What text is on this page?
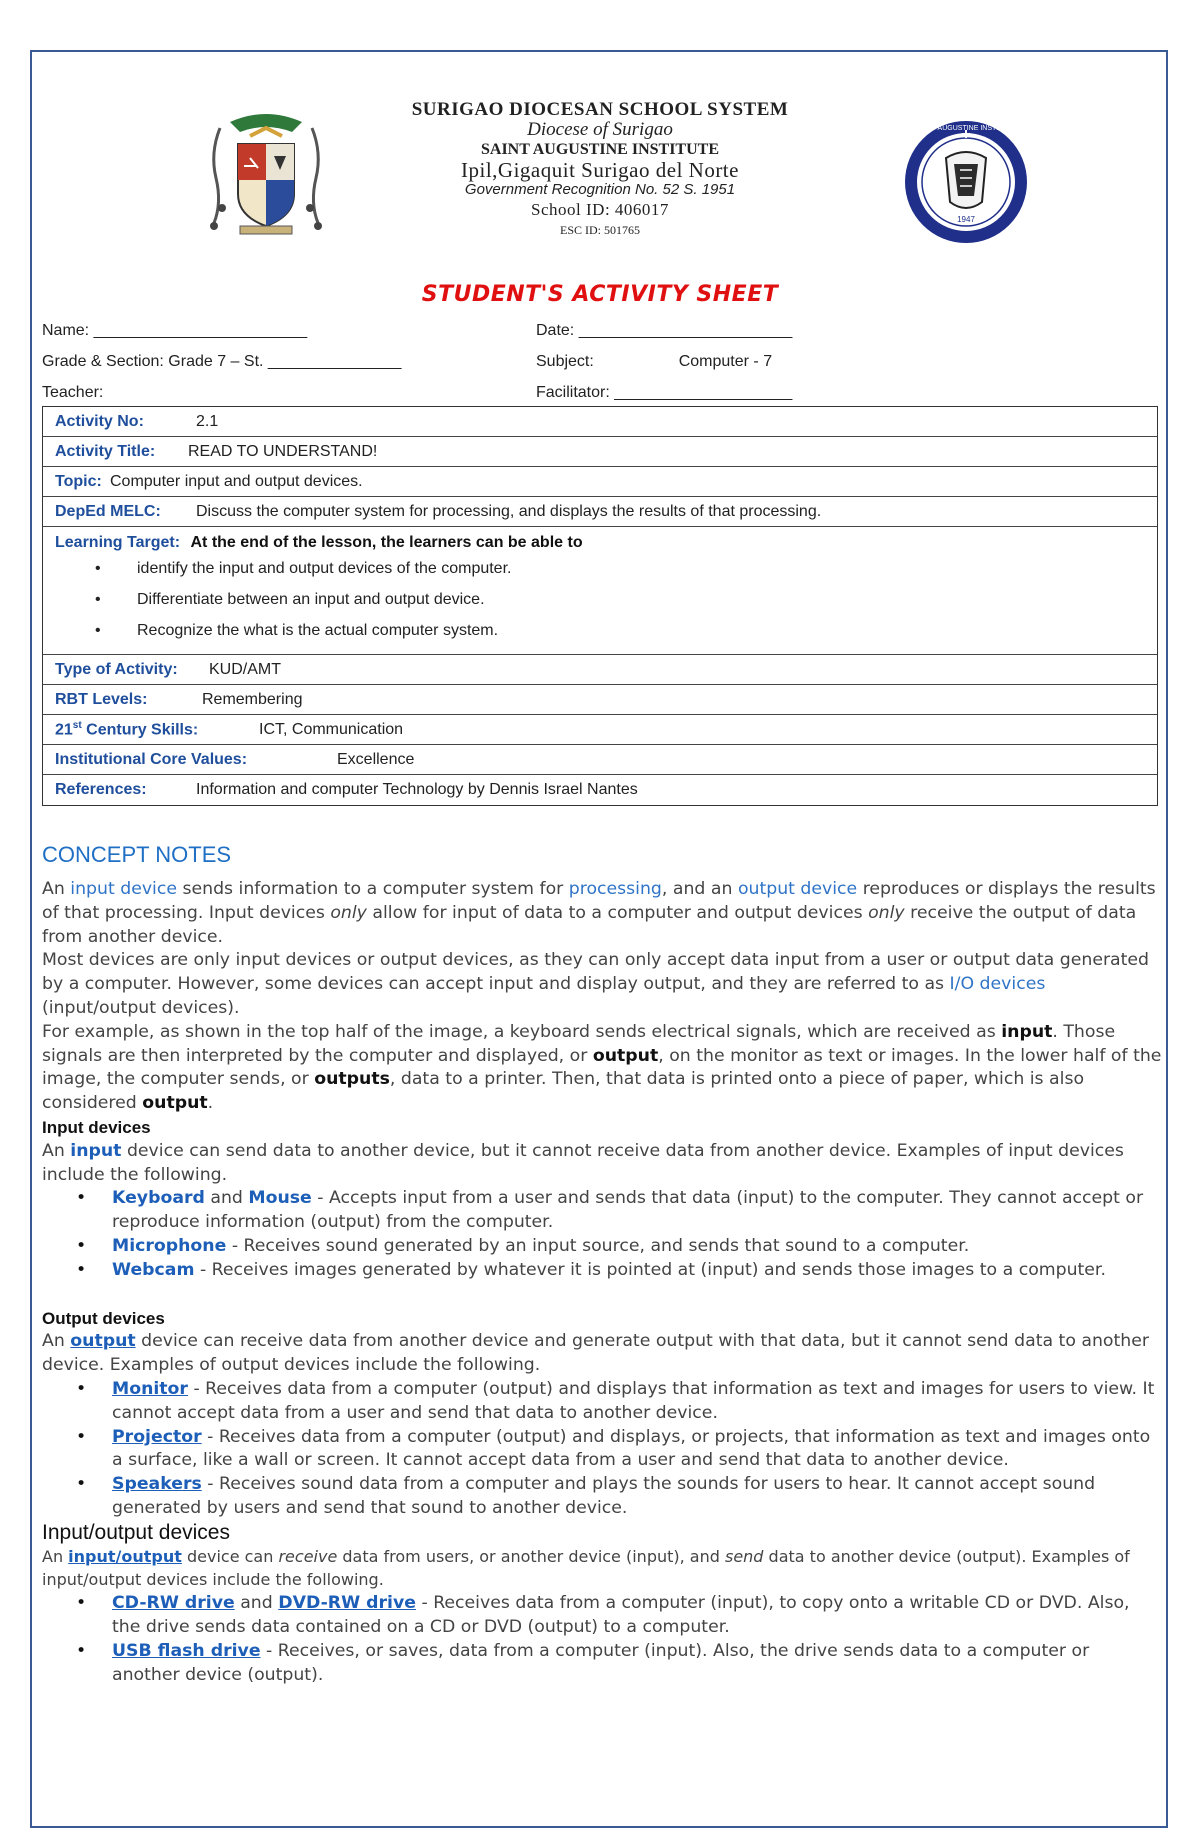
SURIGAO DIOCESAN SCHOOL SYSTEM
Diocese of Surigao
SAINT AUGUSTINE INSTITUTE
Ipil,Gigaquit Surigao del Norte
Government Recognition No. 52 S. 1951
School ID: 406017
ESC ID: 501765
1947
SAINT AUGUSTINE INSTITUTE
STUDENT'S ACTIVITY SHEET
Name: ________________________	Date: ________________________
Grade & Section: Grade 7 – St. _______________	Subject:	Computer - 7
Teacher:	Facilitator: ____________________
Activity No:	2.1
Activity Title: READ TO UNDERSTAND!
Topic: Computer input and output devices.
DepEd MELC: Discuss the computer system for processing, and displays the results of that processing.
Learning Target: At the end of the lesson, the learners can be able to
• identify the input and output devices of the computer.
• Differentiate between an input and output device.
• Recognize the what is the actual computer system.
Type of Activity: KUD/AMT
RBT Levels:	Remembering
21st Century Skills:	ICT, Communication
Institutional Core Values:	Excellence
References:	Information and computer Technology by Dennis Israel Nantes
CONCEPT NOTES

An input device sends information to a computer system for processing, and an output device reproduces or displays the results of that processing. Input devices only allow for input of data to a computer and output devices only receive the output of data from another device.

Most devices are only input devices or output devices, as they can only accept data input from a user or output data generated by a computer. However, some devices can accept input and display output, and they are referred to as I/O devices (input/output devices).

For example, as shown in the top half of the image, a keyboard sends electrical signals, which are received as input. Those signals are then interpreted by the computer and displayed, or output, on the monitor as text or images. In the lower half of the image, the computer sends, or outputs, data to a printer. Then, that data is printed onto a piece of paper, which is also considered output.

Input devices

An input device can send data to another device, but it cannot receive data from another device. Examples of input devices include the following.

• Keyboard and Mouse - Accepts input from a user and sends that data (input) to the computer. They cannot accept or reproduce information (output) from the computer.
• Microphone - Receives sound generated by an input source, and sends that sound to a computer.
• Webcam - Receives images generated by whatever it is pointed at (input) and sends those images to a computer.

Output devices

An output device can receive data from another device and generate output with that data, but it cannot send data to another device. Examples of output devices include the following.

• Monitor - Receives data from a computer (output) and displays that information as text and images for users to view. It cannot accept data from a user and send that data to another device.
• Projector - Receives data from a computer (output) and displays, or projects, that information as text and images onto a surface, like a wall or screen. It cannot accept data from a user and send that data to another device.
• Speakers - Receives sound data from a computer and plays the sounds for users to hear. It cannot accept sound generated by users and send that sound to another device.

Input/output devices

An input/output device can receive data from users, or another device (input), and send data to another device (output). Examples of input/output devices include the following.

• CD-RW drive and DVD-RW drive - Receives data from a computer (input), to copy onto a writable CD or DVD. Also, the drive sends data contained on a CD or DVD (output) to a computer.
• USB flash drive - Receives, or saves, data from a computer (input). Also, the drive sends data to a computer or another device (output).
